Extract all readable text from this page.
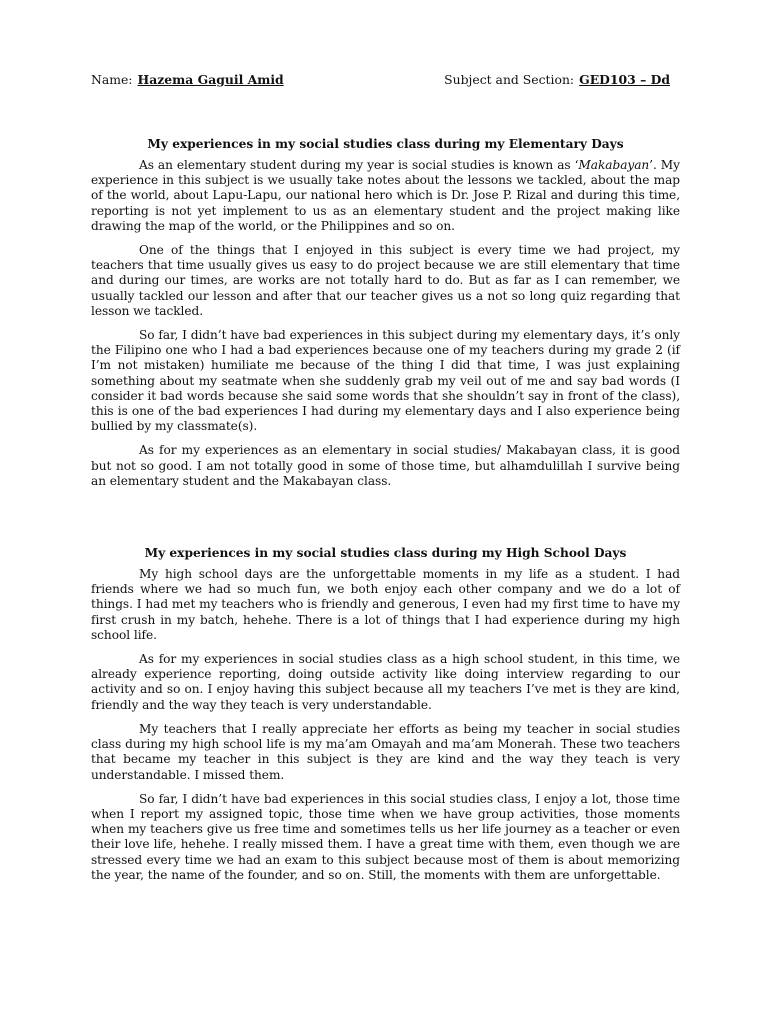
Name: Hazema Gaguil Amid	Subject and Section: GED103 – Dd
My experiences in my social studies class during my Elementary Days

As an elementary student during my year is social studies is known as ‘Makabayan’. My experience in this subject is we usually take notes about the lessons we tackled, about the map of the world, about Lapu-Lapu, our national hero which is Dr. Jose P. Rizal and during this time, reporting is not yet implement to us as an elementary student and the project making like drawing the map of the world, or the Philippines and so on.

One of the things that I enjoyed in this subject is every time we had project, my teachers that time usually gives us easy to do project because we are still elementary that time and during our times, are works are not totally hard to do. But as far as I can remember, we usually tackled our lesson and after that our teacher gives us a not so long quiz regarding that lesson we tackled.

So far, I didn’t have bad experiences in this subject during my elementary days, it’s only the Filipino one who I had a bad experiences because one of my teachers during my grade 2 (if I’m not mistaken) humiliate me because of the thing I did that time, I was just explaining something about my seatmate when she suddenly grab my veil out of me and say bad words (I consider it bad words because she said some words that she shouldn’t say in front of the class), this is one of the bad experiences I had during my elementary days and I also experience being bullied by my classmate(s).

As for my experiences as an elementary in social studies/ Makabayan class, it is good but not so good. I am not totally good in some of those time, but alhamdulillah I survive being an elementary student and the Makabayan class.

My experiences in my social studies class during my High School Days

My high school days are the unforgettable moments in my life as a student. I had friends where we had so much fun, we both enjoy each other company and we do a lot of things. I had met my teachers who is friendly and generous, I even had my first time to have my first crush in my batch, hehehe. There is a lot of things that I had experience during my high school life.

As for my experiences in social studies class as a high school student, in this time, we already experience reporting, doing outside activity like doing interview regarding to our activity and so on. I enjoy having this subject because all my teachers I’ve met is they are kind, friendly and the way they teach is very understandable.

My teachers that I really appreciate her efforts as being my teacher in social studies class during my high school life is my ma’am Omayah and ma’am Monerah. These two teachers that became my teacher in this subject is they are kind and the way they teach is very understandable. I missed them.

So far, I didn’t have bad experiences in this social studies class, I enjoy a lot, those time when I report my assigned topic, those time when we have group activities, those moments when my teachers give us free time and sometimes tells us her life journey as a teacher or even their love life, hehehe. I really missed them. I have a great time with them, even though we are stressed every time we had an exam to this subject because most of them is about memorizing the year, the name of the founder, and so on. Still, the moments with them are unforgettable.
